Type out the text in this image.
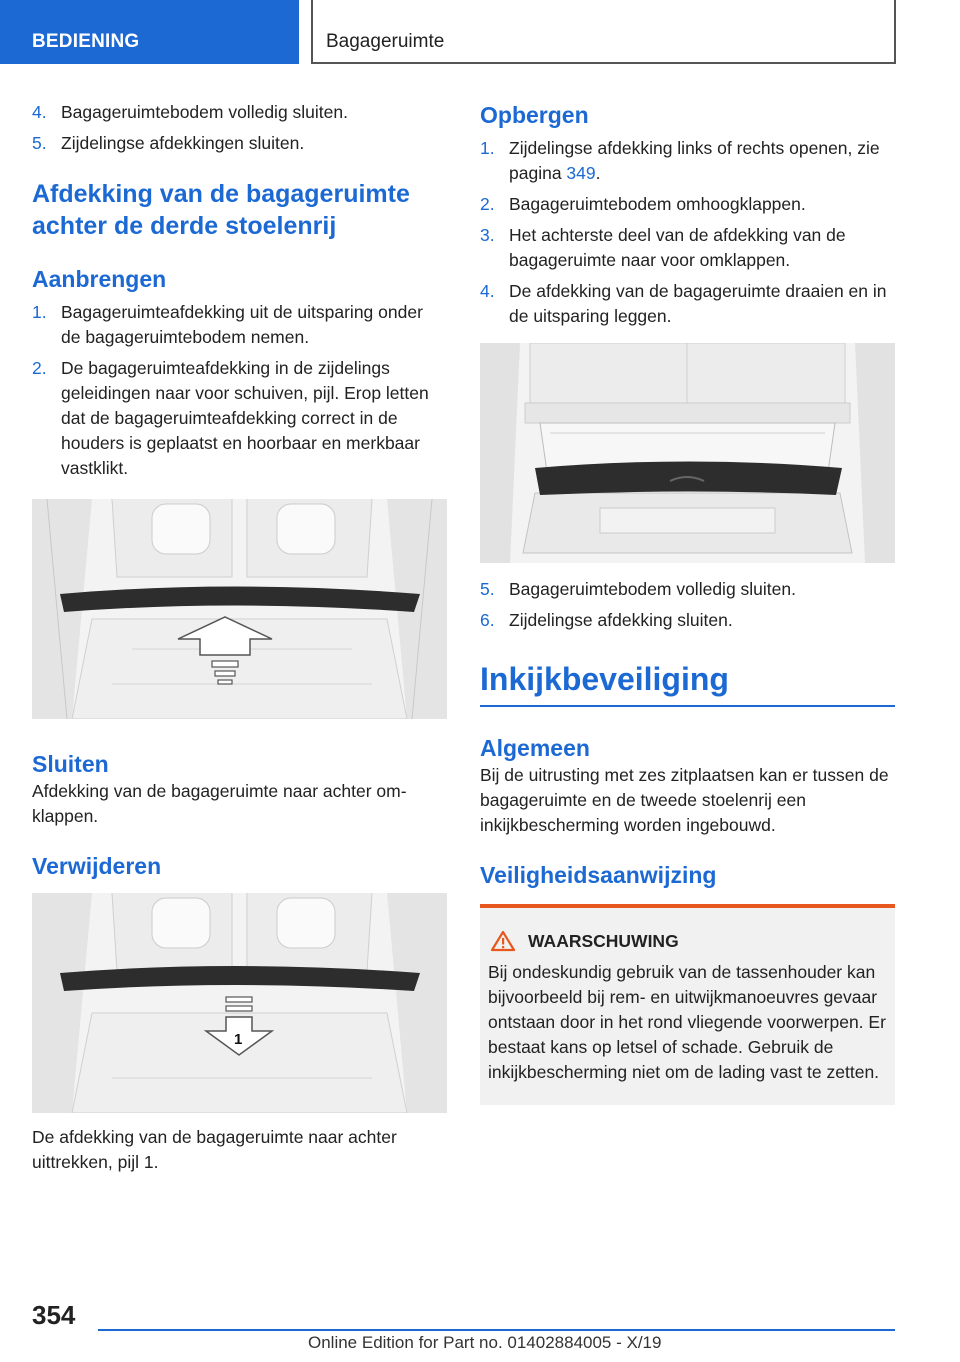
BEDIENING	Bagageruimte
4. Bagageruimtebodem volledig sluiten.
5. Zijdelingse afdekkingen sluiten.
Afdekking van de bagageruimte achter de derde stoelenrij
Aanbrengen
1. Bagageruimteafdekking uit de uitsparing onder de bagageruimtebodem nemen.
2. De bagageruimteafdekking in de zijdelings geleidingen naar voor schuiven, pijl. Erop letten dat de bagageruimteafdekking correct in de houders is geplaatst en hoorbaar en merkbaar vastklikt.
Sluiten

Afdekking van de bagageruimte naar achter omklappen.

Verwijderen
1

De afdekking van de bagageruimte naar achter uittrekken, pijl 1.

Opbergen
1. Zijdelingse afdekking links of rechts openen, zie pagina 349.
2. Bagageruimtebodem omhoogklappen.
3. Het achterste deel van de afdekking van de bagageruimte naar voor omklappen.
4. De afdekking van de bagageruimte draaien en in de uitsparing leggen.
5. Bagageruimtebodem volledig sluiten.
6. Zijdelingse afdekking sluiten.
Inkijkbeveiliging
Algemeen

Bij de uitrusting met zes zitplaatsen kan er tussen de bagageruimte en de tweede stoelenrij een inkijkbescherming worden ingebouwd.

Veiligheidsaanwijzing
WAARSCHUWING

Bij ondeskundig gebruik van de tassenhouder kan bijvoorbeeld bij rem- en uitwijkmanoeuvres gevaar ontstaan door in het rond vliegende voorwerpen. Er bestaat kans op letsel of schade. Gebruik de inkijkbescherming niet om de lading vast te zetten.

354
Online Edition for Part no. 01402884005 - X/19
